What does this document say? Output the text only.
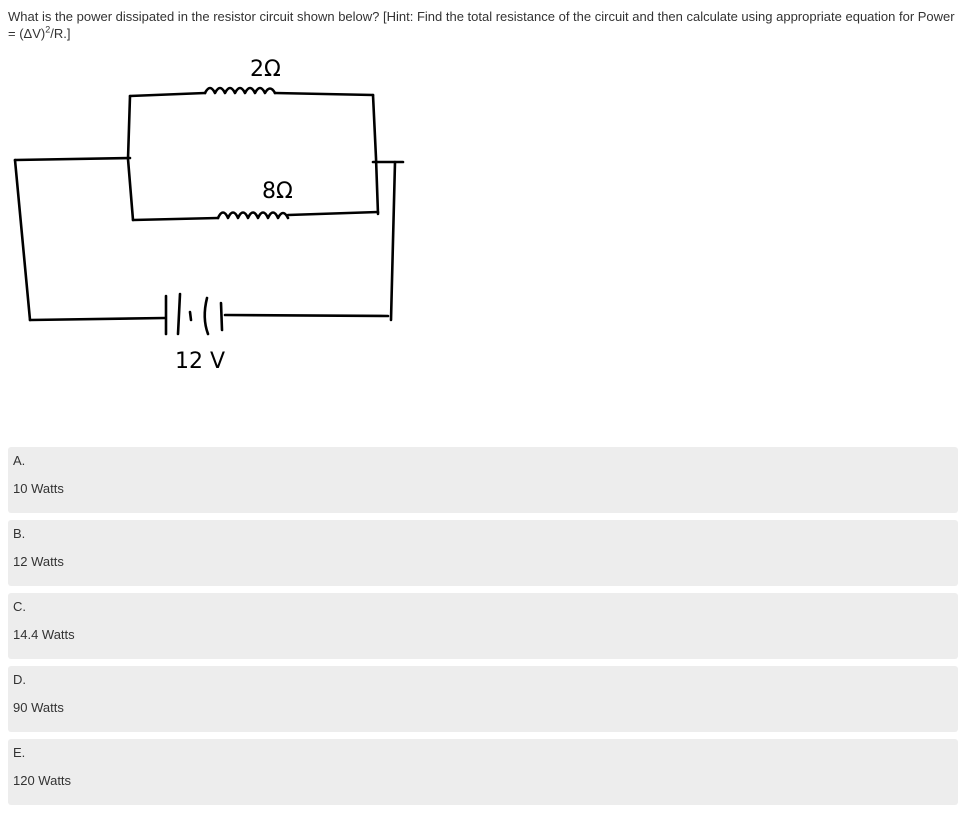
What is the power dissipated in the resistor circuit shown below? [Hint: Find the total resistance of the circuit and then calculate using appropriate equation for Power = $(\Delta V)^2/R$.]
2Ω
8Ω
12 V
A.
10 Watts
B.
12 Watts
C.
14.4 Watts
D.
90 Watts
E.
120 Watts
